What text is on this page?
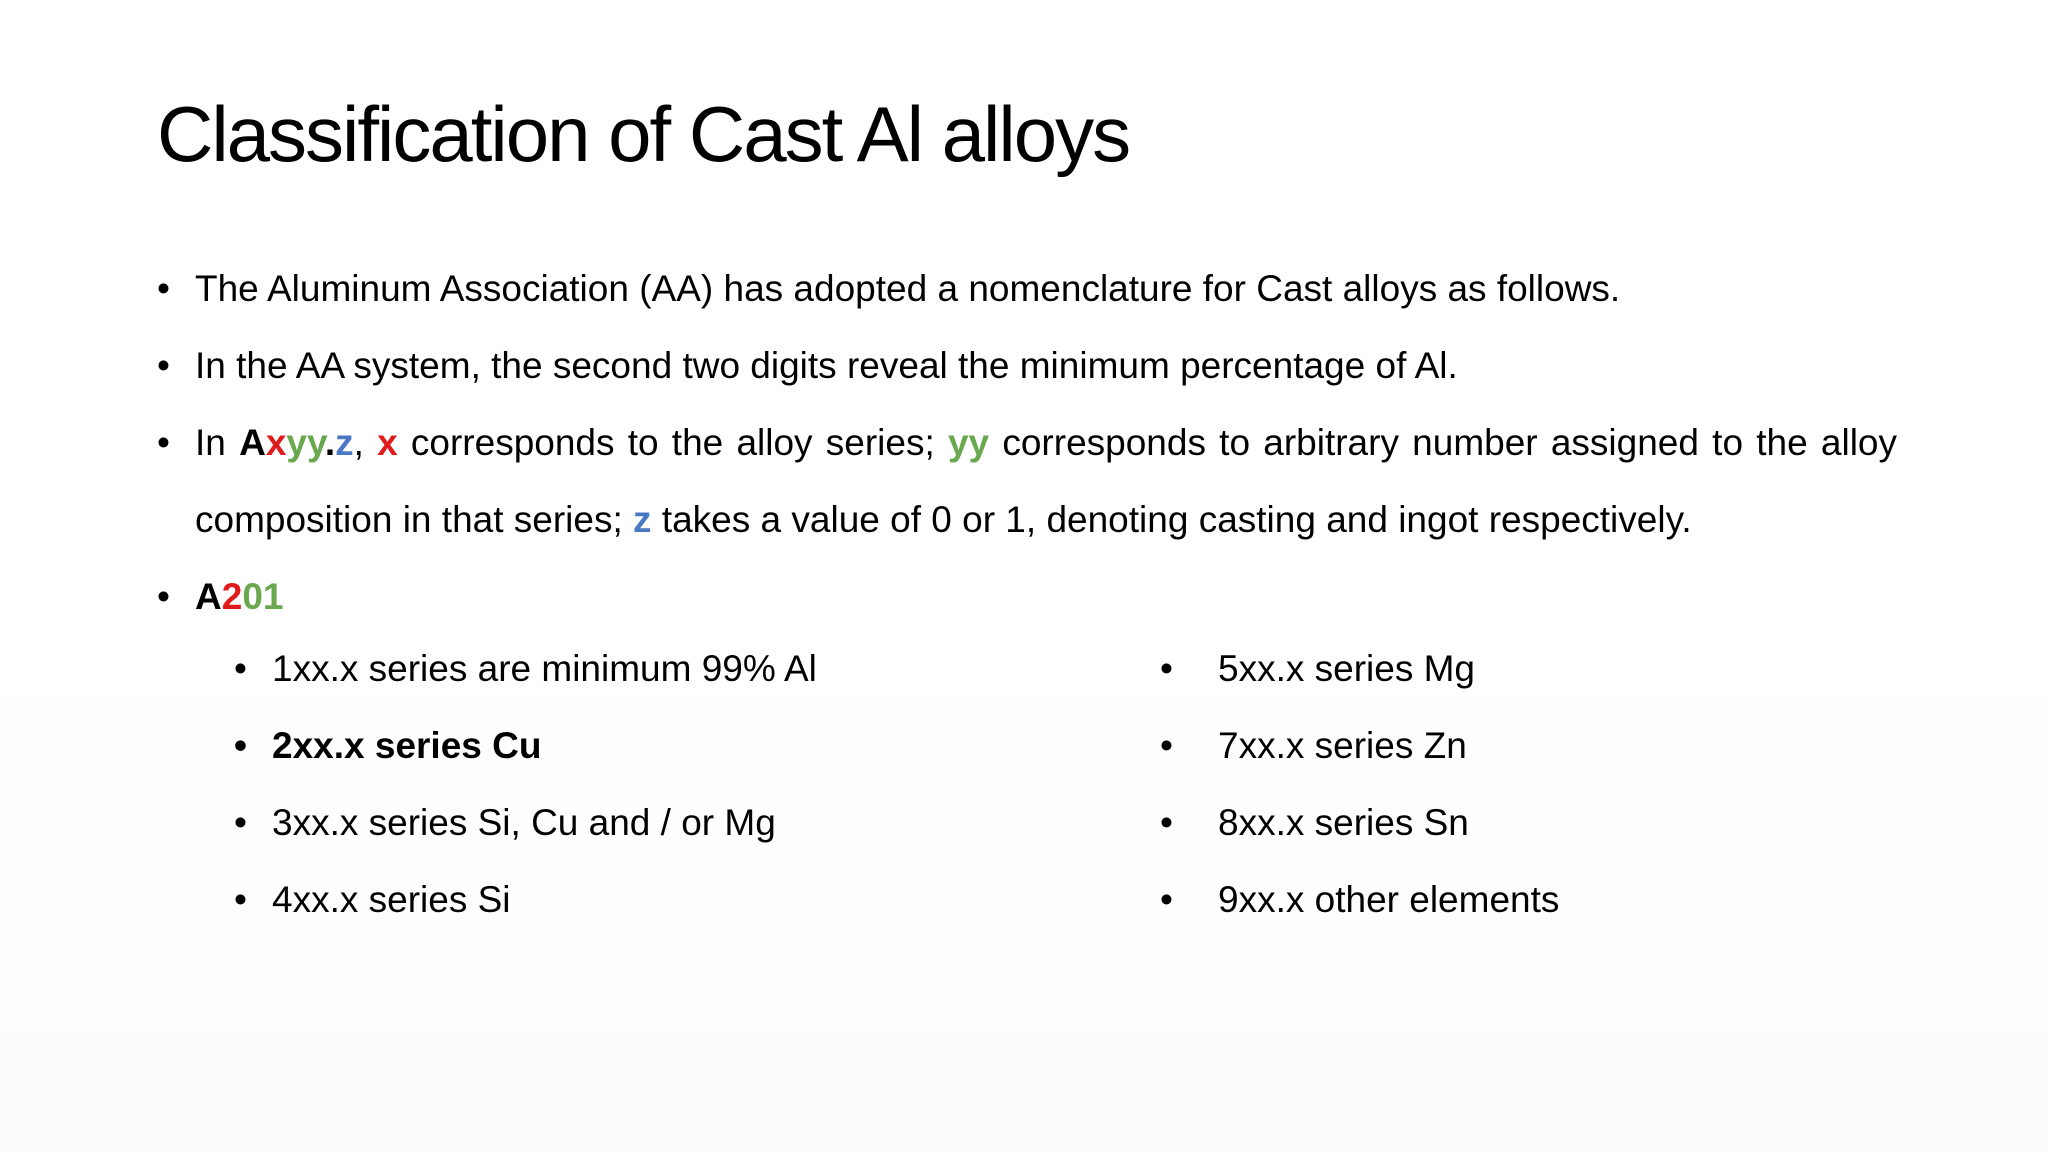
Classification of Cast Al alloys
• The Aluminum Association (AA) has adopted a nomenclature for Cast alloys as follows.
• In the AA system, the second two digits reveal the minimum percentage of Al.
• In Axyy.z, x corresponds to the alloy series; yy corresponds to arbitrary number assigned to the alloy composition in that series; z takes a value of 0 or 1, denoting casting and ingot respectively.
• A201
• 1xx.x series are minimum 99% Al
• 2xx.x series Cu
• 3xx.x series Si, Cu and / or Mg
• 4xx.x series Si
• 5xx.x series Mg
• 7xx.x series Zn
• 8xx.x series Sn
• 9xx.x other elements
